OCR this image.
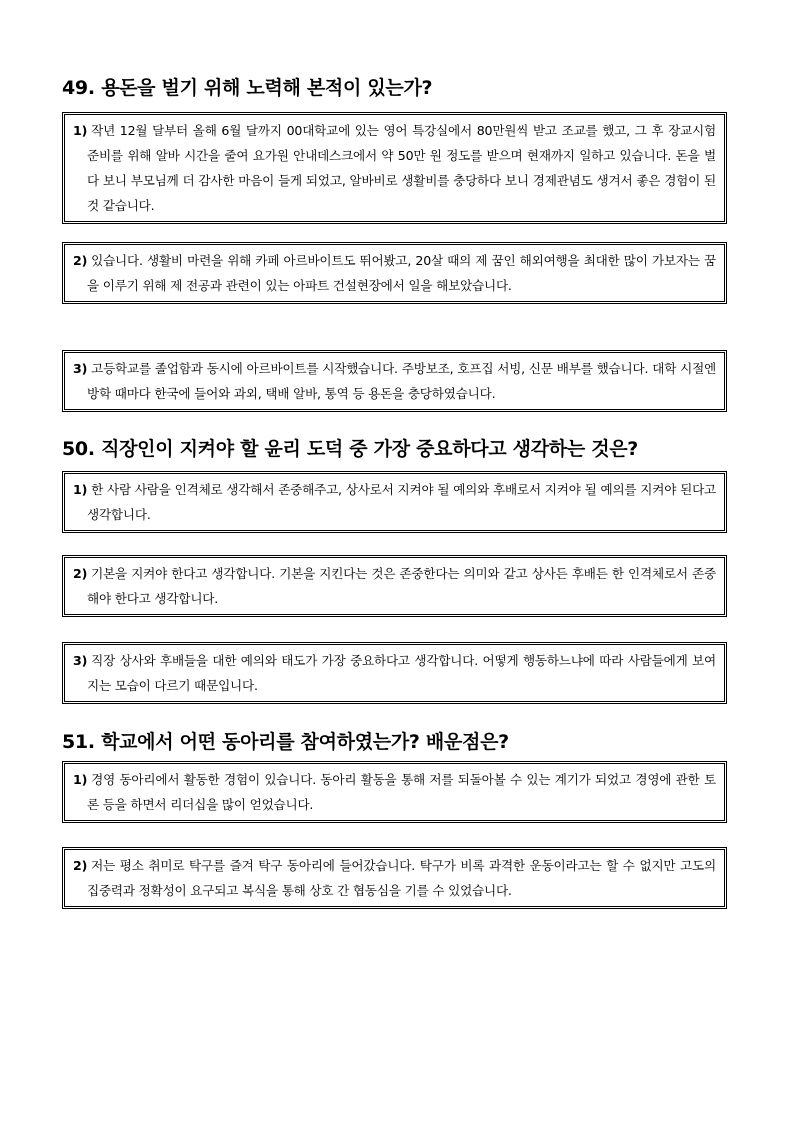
49. 용돈을 벌기 위해 노력해 본적이 있는가?

1) 작년 12월 달부터 올해 6월 달까지 00대학교에 있는 영어 특강실에서 80만원씩 받고 조교를 했고, 그 후 장교시험 준비를 위해 알바 시간을 줄여 요가원 안내데스크에서 약 50만 원 정도를 받으며 현재까지 일하고 있습니다. 돈을 벌다 보니 부모님께 더 감사한 마음이 들게 되었고, 알바비로 생활비를 충당하다 보니 경제관념도 생겨서 좋은 경험이 된 것 같습니다.

2) 있습니다. 생활비 마련을 위해 카페 아르바이트도 뛰어봤고, 20살 때의 제 꿈인 해외여행을 최대한 많이 가보자는 꿈을 이루기 위해 제 전공과 관련이 있는 아파트 건설현장에서 일을 해보았습니다.

3) 고등학교를 졸업함과 동시에 아르바이트를 시작했습니다. 주방보조, 호프집 서빙, 신문 배부를 했습니다. 대학 시절엔 방학 때마다 한국에 들어와 과외, 택배 알바, 통역 등 용돈을 충당하였습니다.

50. 직장인이 지켜야 할 윤리 도덕 중 가장 중요하다고 생각하는 것은?

1) 한 사람 사람을 인격체로 생각해서 존중해주고, 상사로서 지켜야 될 예의와 후배로서 지켜야 될 예의를 지켜야 된다고 생각합니다.

2) 기본을 지켜야 한다고 생각합니다. 기본을 지킨다는 것은 존중한다는 의미와 같고 상사든 후배든 한 인격체로서 존중해야 한다고 생각합니다.

3) 직장 상사와 후배들을 대한 예의와 태도가 가장 중요하다고 생각합니다. 어떻게 행동하느냐에 따라 사람들에게 보여지는 모습이 다르기 때문입니다.

51. 학교에서 어떤 동아리를 참여하였는가? 배운점은?

1) 경영 동아리에서 활동한 경험이 있습니다. 동아리 활동을 통해 저를 되돌아볼 수 있는 계기가 되었고 경영에 관한 토론 등을 하면서 리더십을 많이 얻었습니다.

2) 저는 평소 취미로 탁구를 즐겨 탁구 동아리에 들어갔습니다. 탁구가 비록 과격한 운동이라고는 할 수 없지만 고도의 집중력과 정확성이 요구되고 복식을 통해 상호 간 협동심을 기를 수 있었습니다.
